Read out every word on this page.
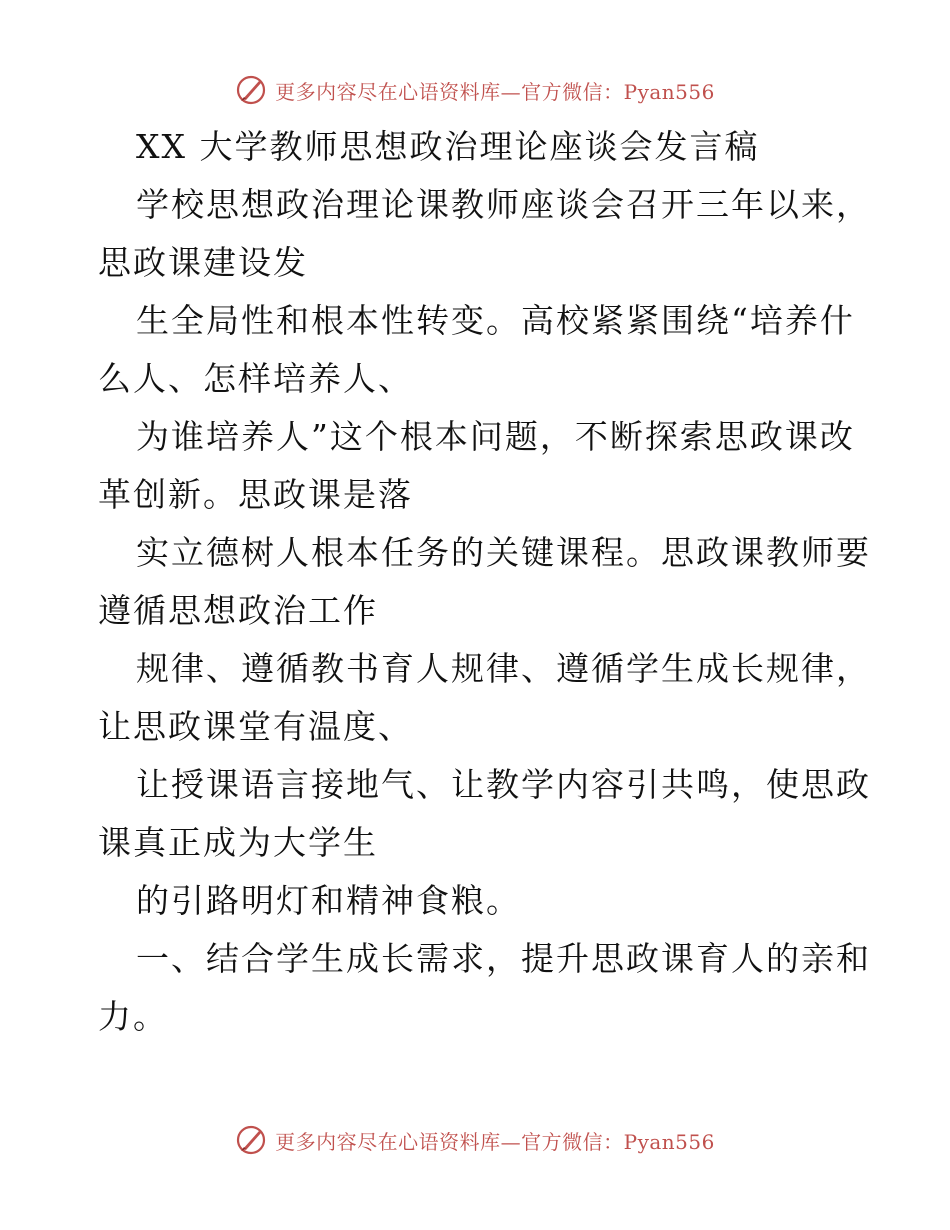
更多内容尽在心语资料库—官方微信：Pyan556
XX 大学教师思想政治理论座谈会发言稿

学校思想政治理论课教师座谈会召开三年以来，
思政课建设发

生全局性和根本性转变。高校紧紧围绕“培养什
么人、怎样培养人、

为谁培养人”这个根本问题，不断探索思政课改
革创新。思政课是落

实立德树人根本任务的关键课程。思政课教师要
遵循思想政治工作

规律、遵循教书育人规律、遵循学生成长规律，
让思政课堂有温度、

让授课语言接地气、让教学内容引共鸣，使思政
课真正成为大学生

的引路明灯和精神食粮。

一、结合学生成长需求，提升思政课育人的亲和
力。

更多内容尽在心语资料库—官方微信：Pyan556
